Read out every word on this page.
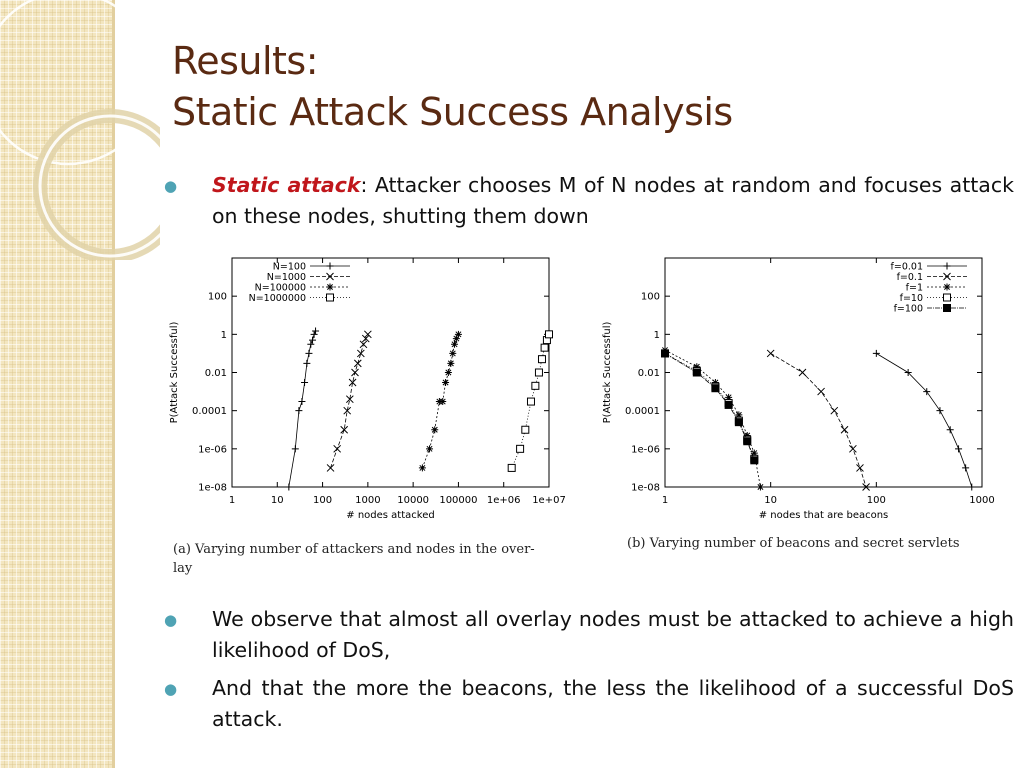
Results:
Static Attack Success Analysis
● Static attack: Attacker chooses M of N nodes at random and focuses attack on these nodes, shutting them down
1	10	100 1000 10000 100000 1e+06 1e+07
100
1
0.01
0.0001
1e-06
1e-08
# nodes attacked
P(Attack Successful)
N=100
N=1000
N=100000
N=1000000
1	10	100	1000
100
1
0.01
0.0001
1e-06
1e-08
# nodes that are beacons
P(Attack Successful)
f=0.01
f=0.1
f=1
f=10
f=100
(a) Varying number of attackers and nodes in the over-
lay
(b) Varying number of beacons and secret servlets
● We observe that almost all overlay nodes must be attacked to achieve a high likelihood of DoS,
● And that the more the beacons, the less the likelihood of a successful DoS attack.
